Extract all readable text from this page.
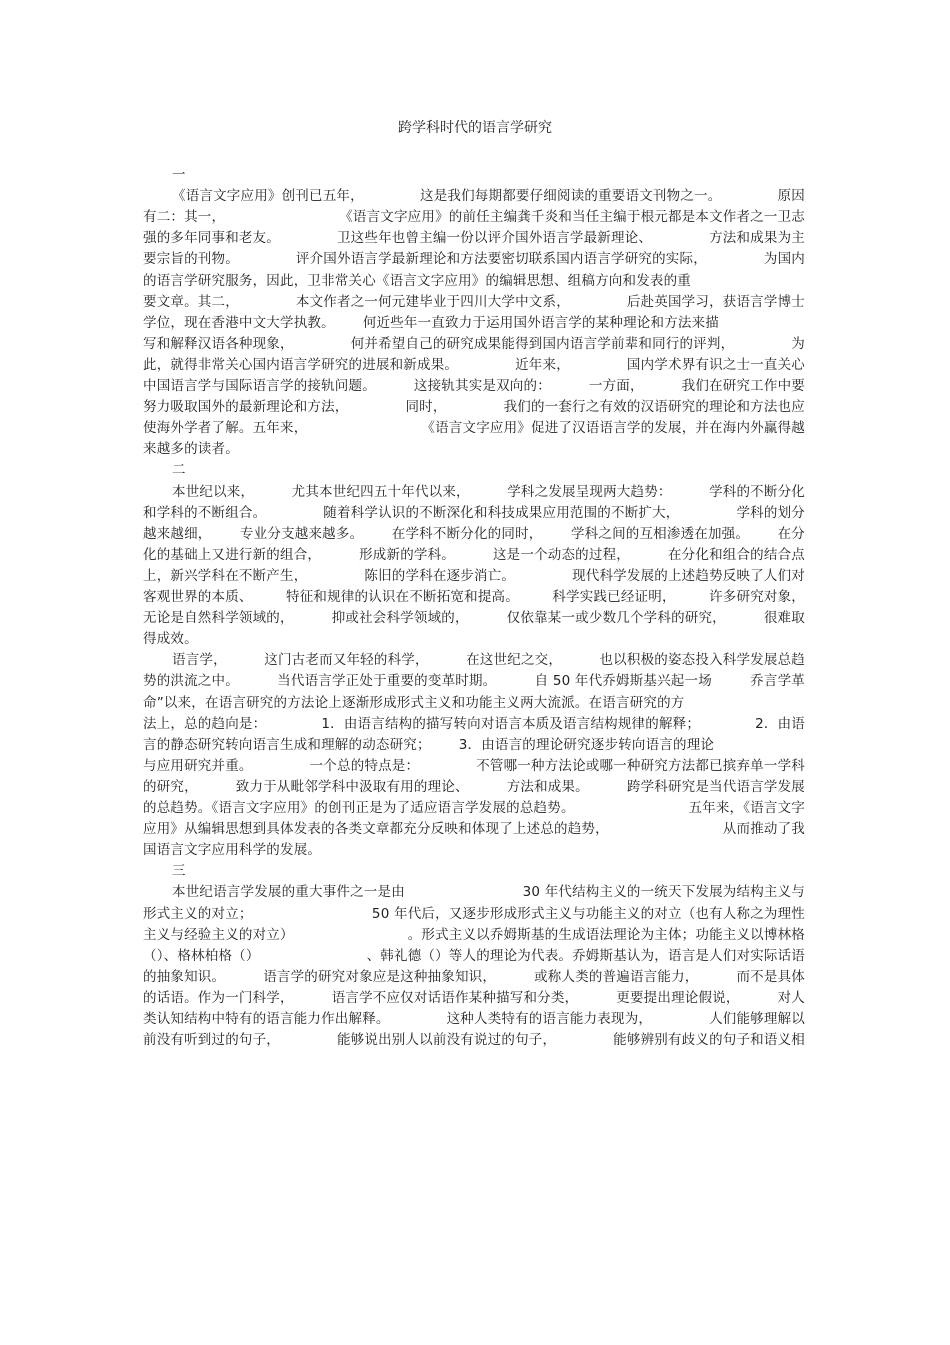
跨学科时代的语言学研究
一
《语言文字应用》创刊已五年，	这是我们每期都要仔细阅读的重要语文刊物之一。	原因
有二：其一，	《语言文字应用》的前任主编龚千炎和当任主编于根元都是本文作者之一卫志
强的多年同事和老友。	卫这些年也曾主编一份以评介国外语言学最新理论、	方法和成果为主
要宗旨的刊物。	评介国外语言学最新理论和方法要密切联系国内语言学研究的实际，	为国内
的语言学研究服务，因此，卫非常关心《语言文字应用》的编辑思想、组稿方向和发表的重
要文章。其二，	本文作者之一何元建毕业于四川大学中文系，	后赴英国学习，获语言学博士
学位，现在香港中文大学执教。 何近些年一直致力于运用国外语言学的某种理论和方法来描
写和解释汉语各种现象，	何并希望自己的研究成果能得到国内语言学前辈和同行的评判，	为
此，就得非常关心国内语言学研究的进展和新成果。	近年来，	国内学术界有识之士一直关心
中国语言学与国际语言学的接轨问题。	这接轨其实是双向的：	一方面，	我们在研究工作中要
努力吸取国外的最新理论和方法，	同时，	我们的一套行之有效的汉语研究的理论和方法也应
使海外学者了解。五年来，	《语言文字应用》促进了汉语语言学的发展，并在海内外赢得越
来越多的读者。
二
本世纪以来，	尤其本世纪四五十年代以来，	学科之发展呈现两大趋势：	学科的不断分化
和学科的不断组合。	随着科学认识的不断深化和科技成果应用范围的不断扩大，	学科的划分
越来越细， 专业分支越来越多。 在学科不断分化的同时， 学科之间的互相渗透在加强。 在分
化的基础上又进行新的组合，	形成新的学科。	这是一个动态的过程，	在分化和组合的结合点
上，新兴学科在不断产生，	陈旧的学科在逐步消亡。	现代科学发展的上述趋势反映了人们对
客观世界的本质、 特征和规律的认识在不断拓宽和提高。 科学实践已经证明， 许多研究对象，
无论是自然科学领域的，	抑或社会科学领域的，	仅依靠某一或少数几个学科的研究，	很难取
得成效。
语言学，	这门古老而又年轻的科学，	在这世纪之交，	也以积极的姿态投入科学发展总趋
势的洪流之中。	当代语言学正处于重要的变革时期。	自 50 年代乔姆斯基兴起一场	乔言学革
命”以来，在语言研究的方法论上逐渐形成形式主义和功能主义两大流派。在语言研究的方
法上，总的趋向是：	1．由语言结构的描写转向对语言本质及语言结构规律的解释；	2．由语
言的静态研究转向语言生成和理解的动态研究； 3．由语言的理论研究逐步转向语言的理论
与应用研究并重。	一个总的特点是：	不管哪一种方法论或哪一种研究方法都已摈弃单一学科
的研究，	致力于从毗邻学科中汲取有用的理论、	方法和成果。	跨学科研究是当代语言学发展
的总趋势。《语言文字应用》的创刊正是为了适应语言学发展的总趋势。	五年来，《语言文字
应用》从编辑思想到具体发表的各类文章都充分反映和体现了上述总的趋势，	从而推动了我
国语言文字应用科学的发展。
三
本世纪语言学发展的重大事件之一是由	30 年代结构主义的一统天下发展为结构主义与
形式主义的对立；	50 年代后，又逐步形成形式主义与功能主义的对立（也有人称之为理性
主义与经验主义的对立）	。形式主义以乔姆斯基的生成语法理论为主体；功能主义以博林格
（）、格林柏格（）	、韩礼德（）等人的理论为代表。乔姆斯基认为，语言是人们对实际话语
的抽象知识。	语言学的研究对象应是这种抽象知识，	或称人类的普遍语言能力，	而不是具体
的话语。作为一门科学，	语言学不应仅对话语作某种描写和分类，	更要提出理论假说，	对人
类认知结构中特有的语言能力作出解释。	这种人类特有的语言能力表现为，	人们能够理解以
前没有听到过的句子，	能够说出别人以前没有说过的句子，	能够辨别有歧义的句子和语义相
